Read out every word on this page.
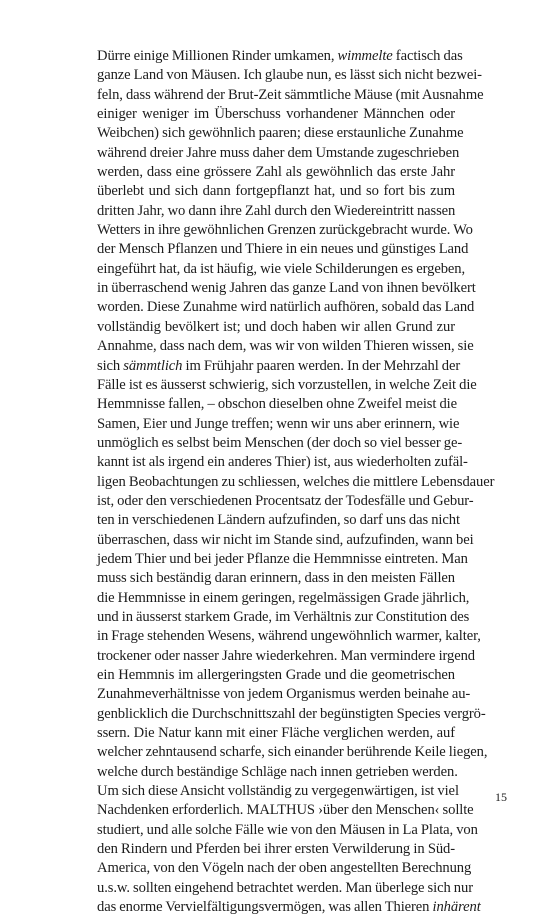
Dürre einige Millionen Rinder umkamen, wimmelte factisch das
ganze Land von Mäusen. Ich glaube nun, es lässt sich nicht bezwei-
feln, dass während der Brut-Zeit sämmtliche Mäuse (mit Ausnahme
einiger weniger im Überschuss vorhandener Männchen oder
Weibchen) sich gewöhnlich paaren; diese erstaunliche Zunahme
während dreier Jahre muss daher dem Umstande zugeschrieben
werden, dass eine grössere Zahl als gewöhnlich das erste Jahr
überlebt und sich dann fortgepflanzt hat, und so fort bis zum
dritten Jahr, wo dann ihre Zahl durch den Wiedereintritt nassen
Wetters in ihre gewöhnlichen Grenzen zurückgebracht wurde. Wo
der Mensch Pflanzen und Thiere in ein neues und günstiges Land
eingeführt hat, da ist häufig, wie viele Schilderungen es ergeben,
in überraschend wenig Jahren das ganze Land von ihnen bevölkert
worden. Diese Zunahme wird natürlich aufhören, sobald das Land
vollständig bevölkert ist; und doch haben wir allen Grund zur
Annahme, dass nach dem, was wir von wilden Thieren wissen, sie
sich sämmtlich im Frühjahr paaren werden. In der Mehrzahl der
Fälle ist es äusserst schwierig, sich vorzustellen, in welche Zeit die
Hemmnisse fallen, – obschon dieselben ohne Zweifel meist die
Samen, Eier und Junge treffen; wenn wir uns aber erinnern, wie
unmöglich es selbst beim Menschen (der doch so viel besser ge-
kannt ist als irgend ein anderes Thier) ist, aus wiederholten zufäl-
ligen Beobachtungen zu schliessen, welches die mittlere Lebensdauer
ist, oder den verschiedenen Procentsatz der Todesfälle und Gebur-
ten in verschiedenen Ländern aufzufinden, so darf uns das nicht
überraschen, dass wir nicht im Stande sind, aufzufinden, wann bei
jedem Thier und bei jeder Pflanze die Hemmnisse eintreten. Man
muss sich beständig daran erinnern, dass in den meisten Fällen
die Hemmnisse in einem geringen, regelmässigen Grade jährlich,
und in äusserst starkem Grade, im Verhältnis zur Constitution des
in Frage stehenden Wesens, während ungewöhnlich warmer, kalter,
trockener oder nasser Jahre wiederkehren. Man vermindere irgend
ein Hemmnis im allergeringsten Grade und die geometrischen
Zunahmeverhältnisse von jedem Organismus werden beinahe au-
genblicklich die Durchschnittszahl der begünstigten Species vergrö-
ssern. Die Natur kann mit einer Fläche verglichen werden, auf
welcher zehntausend scharfe, sich einander berührende Keile liegen,
welche durch beständige Schläge nach innen getrieben werden.
Um sich diese Ansicht vollständig zu vergegenwärtigen, ist viel
Nachdenken erforderlich. MALTHUS ›über den Menschen‹ sollte
studiert, und alle solche Fälle wie von den Mäusen in La Plata, von
den Rindern und Pferden bei ihrer ersten Verwilderung in Süd-
America, von den Vögeln nach der oben angestellten Berechnung
u.s.w. sollten eingehend betrachtet werden. Man überlege sich nur
das enorme Vervielfältigungsvermögen, was allen Thieren inhärent
15
